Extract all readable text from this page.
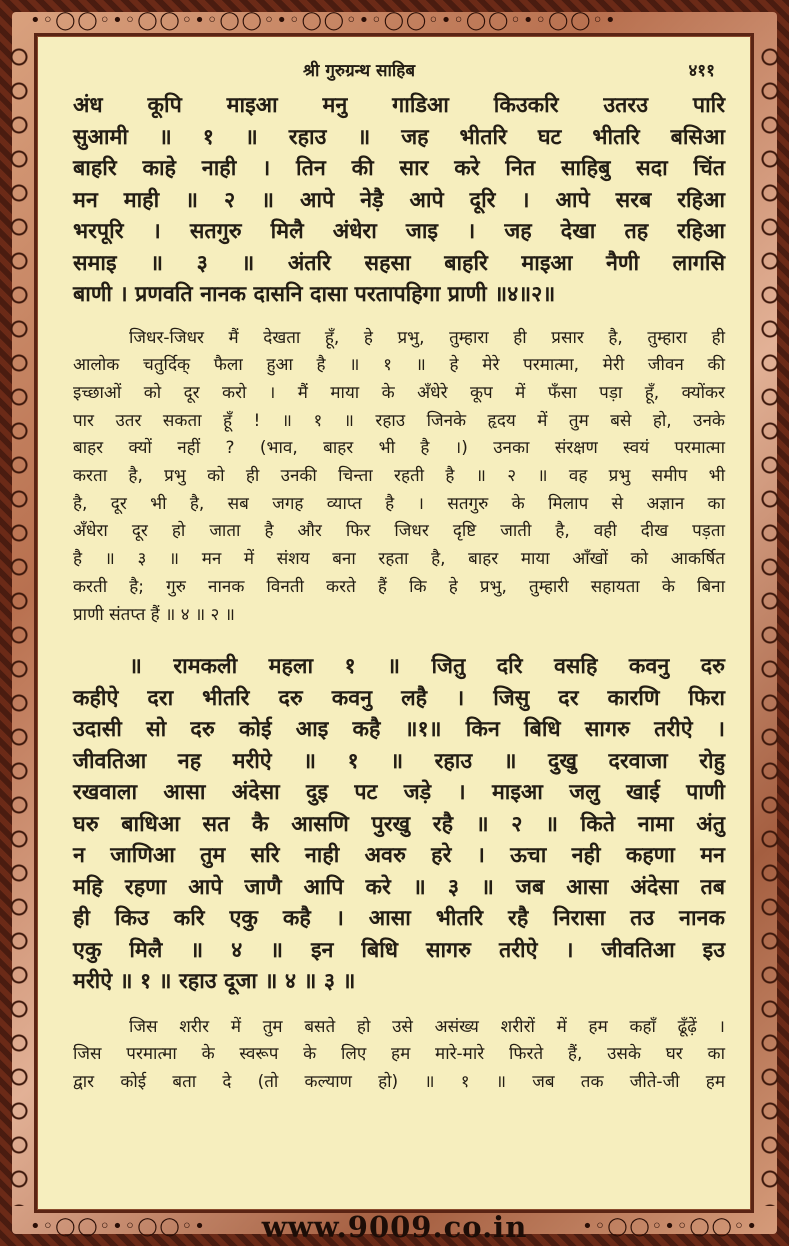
•◦◯◯◦•◦◯◯◦•◦◯◯◦•◦◯◯◦•◦◯◯◦•◦◯◯◦•◦◯◯◦•
श्री गुरुग्रन्थ साहिब	४११
अंध कूपि माइआ मनु गाडिआ किउकरि उतरउ पारि
सुआमी ॥ १ ॥ रहाउ ॥ जह भीतरि घट भीतरि बसिआ
बाहरि काहे नाही । तिन की सार करे नित साहिबु सदा चिंत
मन माही ॥ २ ॥ आपे नेड़ै आपे दूरि । आपे सरब रहिआ
भरपूरि । सतगुरु मिलै अंधेरा जाइ । जह देखा तह रहिआ
समाइ ॥ ३ ॥ अंतरि सहसा बाहरि माइआ नैणी लागसि
बाणी । प्रणवति नानक दासनि दासा परतापहिगा प्राणी ॥४॥२॥
जिधर-जिधर मैं देखता हूँ, हे प्रभु, तुम्हारा ही प्रसार है, तुम्हारा ही
आलोक चतुर्दिक् फैला हुआ है ॥ १ ॥ हे मेरे परमात्मा, मेरी जीवन की
इच्छाओं को दूर करो । मैं माया के अँधेरे कूप में फँसा पड़ा हूँ, क्योंकर
पार उतर सकता हूँ ! ॥ १ ॥ रहाउ जिनके हृदय में तुम बसे हो, उनके
बाहर क्यों नहीं ? (भाव, बाहर भी है ।) उनका संरक्षण स्वयं परमात्मा
करता है, प्रभु को ही उनकी चिन्ता रहती है ॥ २ ॥ वह प्रभु समीप भी
है, दूर भी है, सब जगह व्याप्त है । सतगुरु के मिलाप से अज्ञान का
अँधेरा दूर हो जाता है और फिर जिधर दृष्टि जाती है, वही दीख पड़ता
है ॥ ३ ॥ मन में संशय बना रहता है, बाहर माया आँखों को आकर्षित
करती है; गुरु नानक विनती करते हैं कि हे प्रभु, तुम्हारी सहायता के बिना
प्राणी संतप्त हैं ॥ ४ ॥ २ ॥
॥ रामकली महला १ ॥ जितु दरि वसहि कवनु दरु
कहीऐ दरा भीतरि दरु कवनु लहै । जिसु दर कारणि फिरा
उदासी सो दरु कोई आइ कहै ॥१॥ किन बिधि सागरु तरीऐ ।
जीवतिआ नह मरीऐ ॥ १ ॥ रहाउ ॥ दुखु दरवाजा रोहु
रखवाला आसा अंदेसा दुइ पट जड़े । माइआ जलु खाई पाणी
घरु बाधिआ सत कै आसणि पुरखु रहै ॥ २ ॥ किते नामा अंतु
न जाणिआ तुम सरि नाही अवरु हरे । ऊचा नही कहणा मन
महि रहणा आपे जाणै आपि करे ॥ ३ ॥ जब आसा अंदेसा तब
ही किउ करि एकु कहै । आसा भीतरि रहै निरासा तउ नानक
एकु मिलै ॥ ४ ॥ इन बिधि सागरु तरीऐ । जीवतिआ इउ
मरीऐ ॥ १ ॥ रहाउ दूजा ॥ ४ ॥ ३ ॥
जिस शरीर में तुम बसते हो उसे असंख्य शरीरों में हम कहाँ ढूँढ़ें ।
जिस परमात्मा के स्वरूप के लिए हम मारे-मारे फिरते हैं, उसके घर का
द्वार कोई बता दे (तो कल्याण हो) ॥ १ ॥ जब तक जीते-जी हम
•◦◯◯◦•◦◯◯◦•	•◦◯◯◦•◦◯◯◦•
www.9009.co.in
